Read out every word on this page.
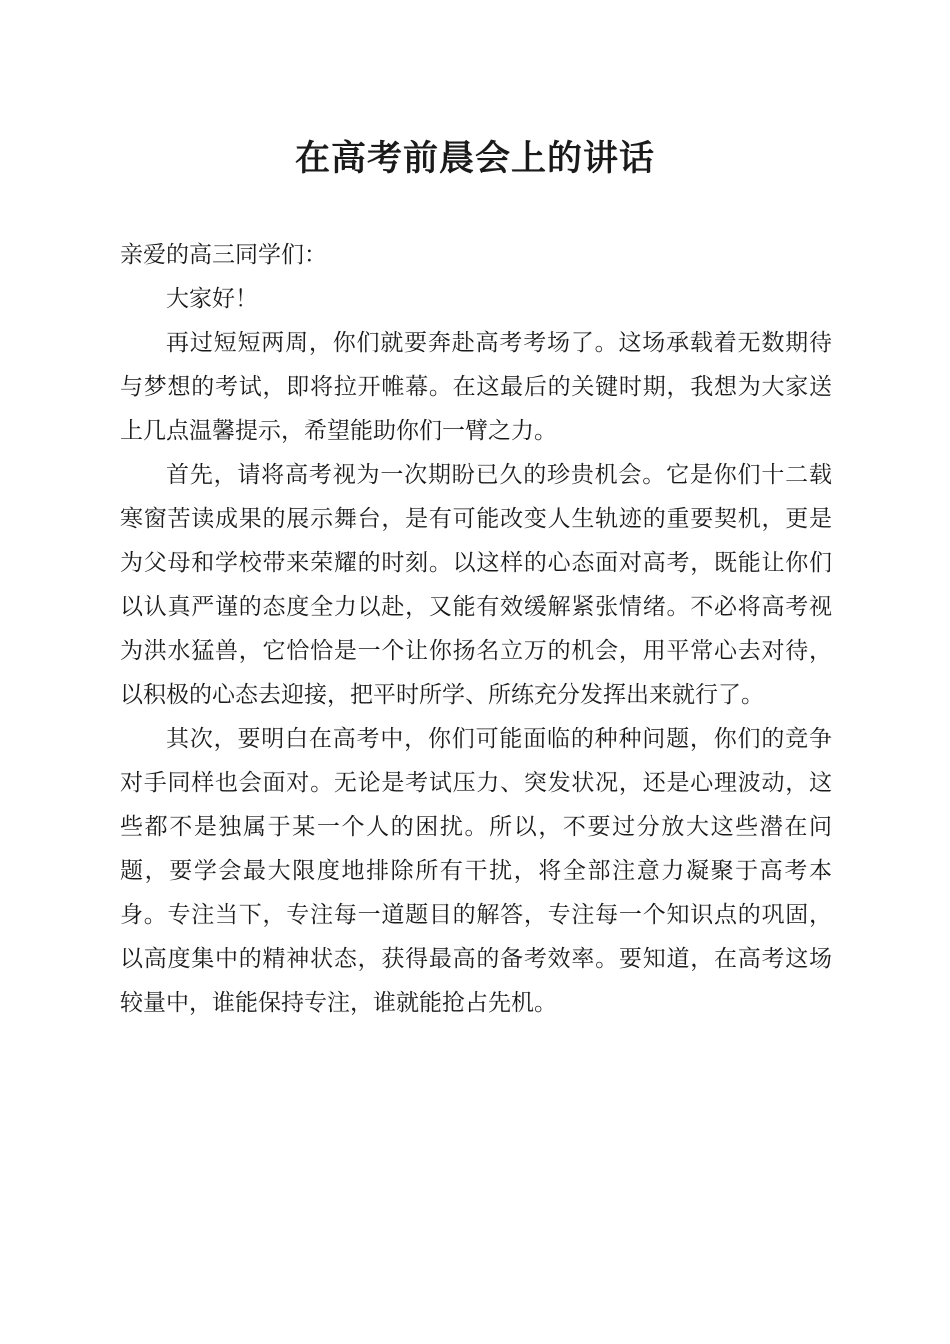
在高考前晨会上的讲话

亲爱的高三同学们：

大家好！

再过短短两周，你们就要奔赴高考考场了。这场承载着无数期待与梦想的考试，即将拉开帷幕。在这最后的关键时期，我想为大家送上几点温馨提示，希望能助你们一臂之力。

首先，请将高考视为一次期盼已久的珍贵机会。它是你们十二载寒窗苦读成果的展示舞台，是有可能改变人生轨迹的重要契机，更是为父母和学校带来荣耀的时刻。以这样的心态面对高考，既能让你们以认真严谨的态度全力以赴，又能有效缓解紧张情绪。不必将高考视为洪水猛兽，它恰恰是一个让你扬名立万的机会，用平常心去对待，以积极的心态去迎接，把平时所学、所练充分发挥出来就行了。

其次，要明白在高考中，你们可能面临的种种问题，你们的竞争对手同样也会面对。无论是考试压力、突发状况，还是心理波动，这些都不是独属于某一个人的困扰。所以，不要过分放大这些潜在问题，要学会最大限度地排除所有干扰，将全部注意力凝聚于高考本身。专注当下，专注每一道题目的解答，专注每一个知识点的巩固，以高度集中的精神状态，获得最高的备考效率。要知道，在高考这场较量中，谁能保持专注，谁就能抢占先机。
